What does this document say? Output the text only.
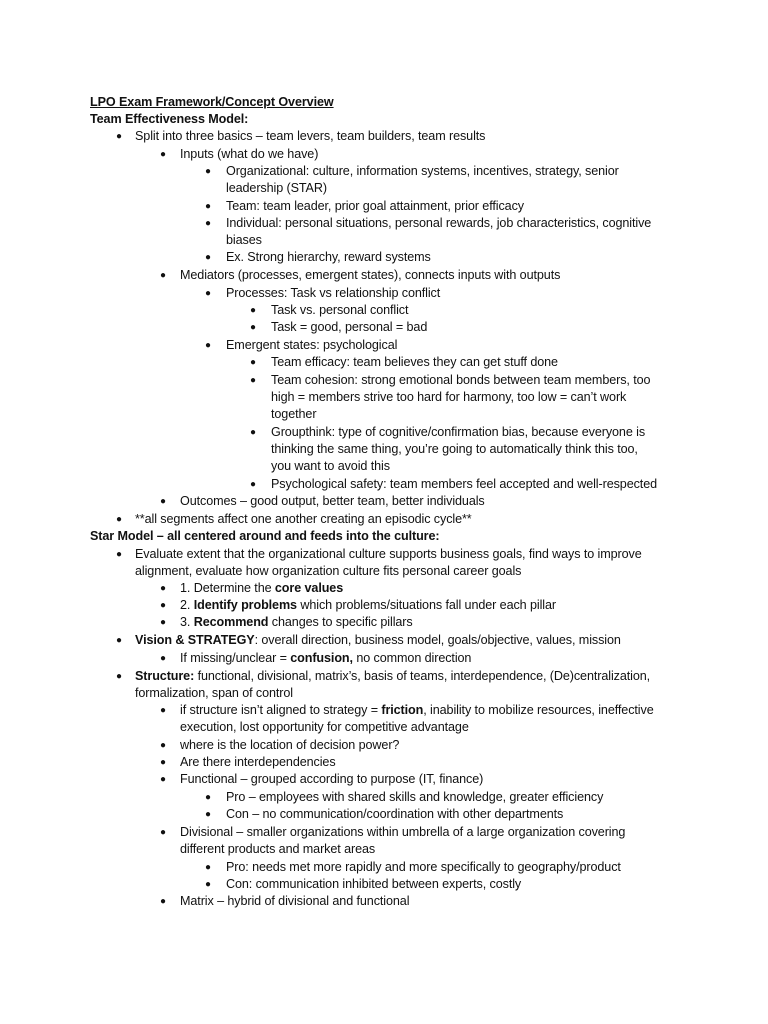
LPO Exam Framework/Concept Overview
Team Effectiveness Model:
● Split into three basics – team levers, team builders, team results
● Inputs (what do we have)
● Organizational: culture, information systems, incentives, strategy, senior
leadership (STAR)
● Team: team leader, prior goal attainment, prior efficacy
● Individual: personal situations, personal rewards, job characteristics, cognitive
biases
● Ex. Strong hierarchy, reward systems
● Mediators (processes, emergent states), connects inputs with outputs
● Processes: Task vs relationship conflict
● Task vs. personal conflict
● Task = good, personal = bad
● Emergent states: psychological
● Team efficacy: team believes they can get stuff done
● Team cohesion: strong emotional bonds between team members, too
high = members strive too hard for harmony, too low = can’t work
together
● Groupthink: type of cognitive/confirmation bias, because everyone is
thinking the same thing, you’re going to automatically think this too,
you want to avoid this
● Psychological safety: team members feel accepted and well-respected
● Outcomes – good output, better team, better individuals
● **all segments affect one another creating an episodic cycle**
Star Model – all centered around and feeds into the culture:
● Evaluate extent that the organizational culture supports business goals, find ways to improve
alignment, evaluate how organization culture fits personal career goals
● 1. Determine the core values
● 2. Identify problems which problems/situations fall under each pillar
● 3. Recommend changes to specific pillars
● Vision & STRATEGY: overall direction, business model, goals/objective, values, mission
● If missing/unclear = confusion, no common direction
● Structure: functional, divisional, matrix’s, basis of teams, interdependence, (De)centralization,
formalization, span of control
● if structure isn’t aligned to strategy = friction, inability to mobilize resources, ineffective
execution, lost opportunity for competitive advantage
● where is the location of decision power?
● Are there interdependencies
● Functional – grouped according to purpose (IT, finance)
● Pro – employees with shared skills and knowledge, greater efficiency
● Con – no communication/coordination with other departments
● Divisional – smaller organizations within umbrella of a large organization covering
different products and market areas
● Pro: needs met more rapidly and more specifically to geography/product
● Con: communication inhibited between experts, costly
● Matrix – hybrid of divisional and functional
